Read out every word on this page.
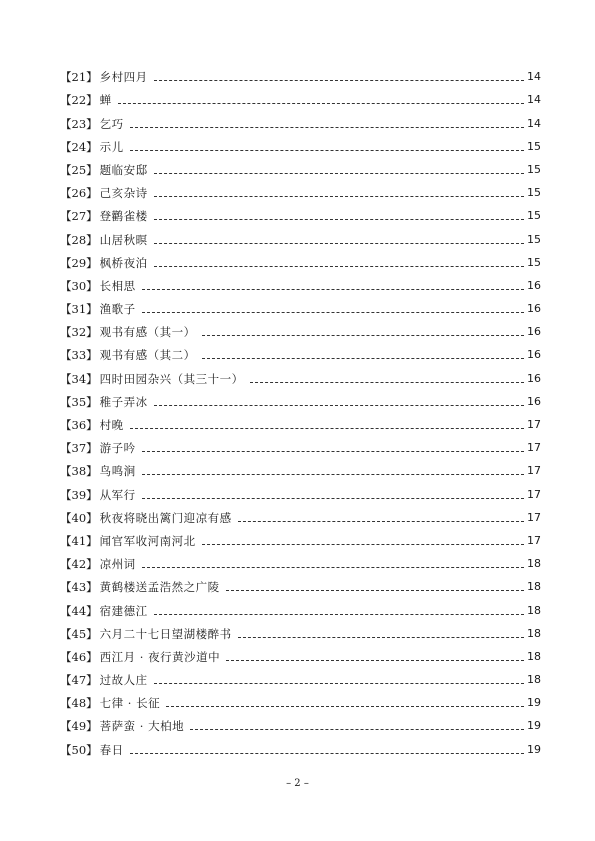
【21】 乡村四月	14
【22】 蝉	14
【23】 乞巧	14
【24】 示儿	15
【25】 题临安邸	15
【26】 己亥杂诗	15
【27】 登鹳雀楼	15
【28】 山居秋暝	15
【29】 枫桥夜泊	15
【30】 长相思	16
【31】 渔歌子	16
【32】 观书有感（其一）	16
【33】 观书有感（其二）	16
【34】 四时田园杂兴（其三十一）	16
【35】 稚子弄冰	16
【36】 村晚	17
【37】 游子吟	17
【38】 鸟鸣涧	17
【39】 从军行	17
【40】 秋夜将晓出篱门迎凉有感	17
【41】 闻官军收河南河北	17
【42】 凉州词	18
【43】 黄鹤楼送孟浩然之广陵	18
【44】 宿建德江	18
【45】 六月二十七日望湖楼醉书	18
【46】 西江月 · 夜行黄沙道中	18
【47】 过故人庄	18
【48】 七律 · 长征	19
【49】 菩萨蛮 · 大柏地	19
【50】 春日	19
– 2 –
